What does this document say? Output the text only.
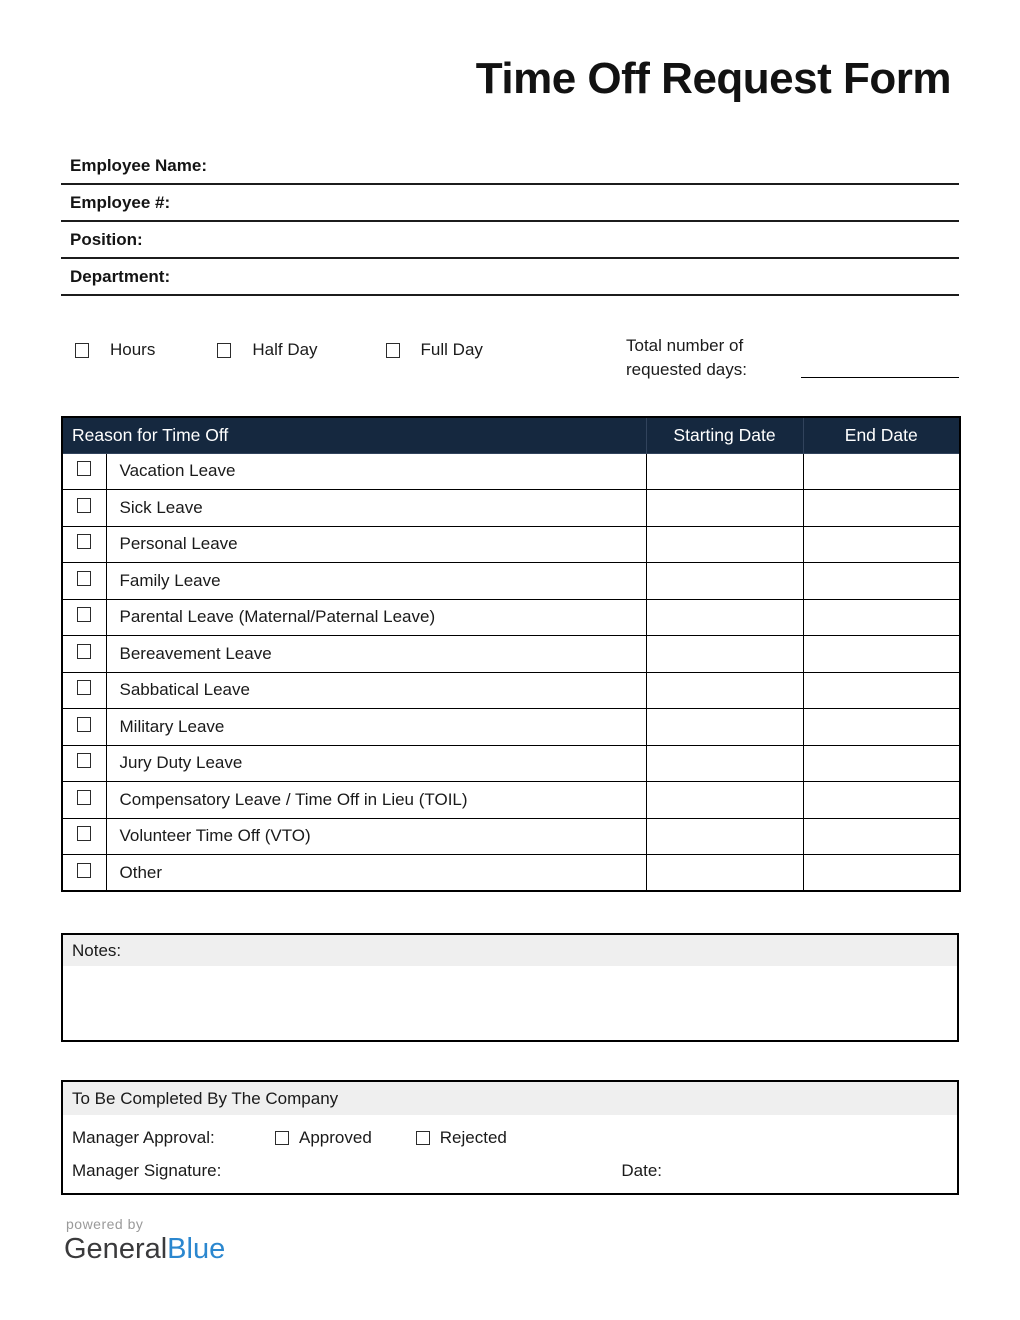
Time Off Request Form
Employee Name:
Employee #:
Position:
Department:
Hours	Half Day	Full Day	Total number of requested days:
Reason for Time Off		Starting Date	End Date
	Vacation Leave		
	Sick Leave		
	Personal Leave		
	Family Leave		
	Parental Leave (Maternal/Paternal Leave)		
	Bereavement Leave		
	Sabbatical Leave		
	Military Leave		
	Jury Duty Leave		
	Compensatory Leave / Time Off in Lieu (TOIL)		
	Volunteer Time Off (VTO)		
	Other		
Notes:
To Be Completed By The Company
Manager Approval:	Approved	Rejected
Manager Signature:	Date:
powered by
GeneralBlue
